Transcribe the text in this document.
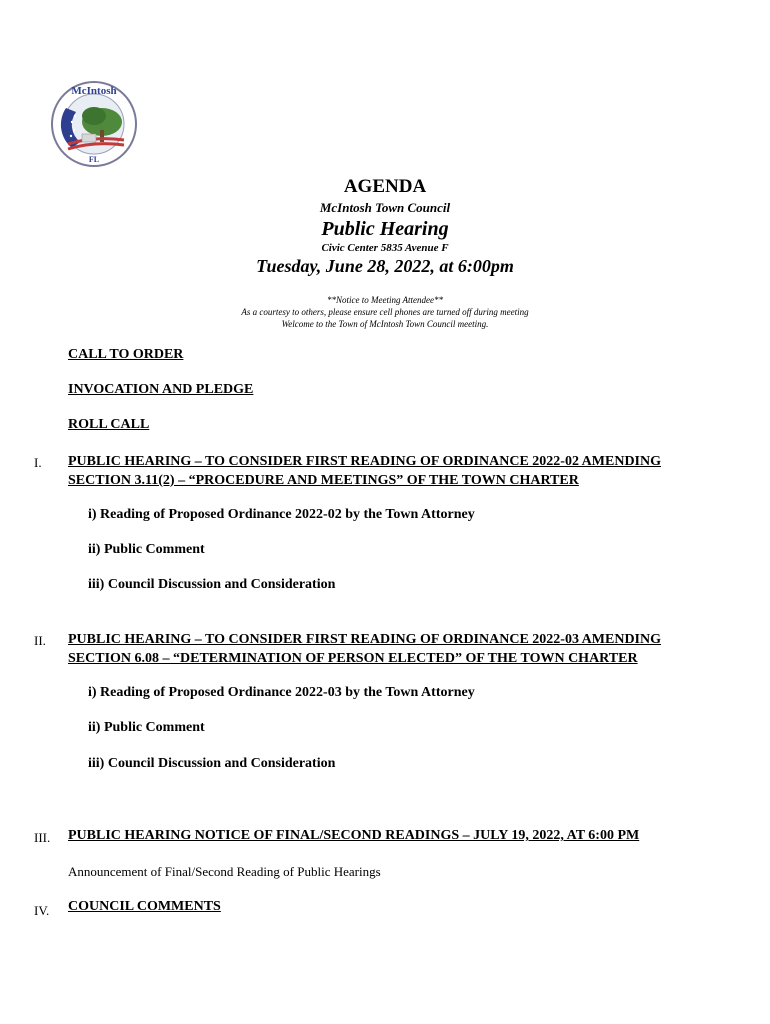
McIntosh
FL
AGENDA
McIntosh Town Council
Public Hearing
Civic Center 5835 Avenue F
Tuesday, June 28, 2022, at 6:00pm
**Notice to Meeting Attendee**
As a courtesy to others, please ensure cell phones are turned off during meeting
Welcome to the Town of McIntosh Town Council meeting.
CALL TO ORDER
INVOCATION AND PLEDGE
ROLL CALL
I. PUBLIC HEARING – TO CONSIDER FIRST READING OF ORDINANCE 2022-02 AMENDING
SECTION 3.11(2) – “PROCEDURE AND MEETINGS” OF THE TOWN CHARTER
i) Reading of Proposed Ordinance 2022-02 by the Town Attorney
ii) Public Comment
iii) Council Discussion and Consideration
II. PUBLIC HEARING – TO CONSIDER FIRST READING OF ORDINANCE 2022-03 AMENDING
SECTION 6.08 – “DETERMINATION OF PERSON ELECTED” OF THE TOWN CHARTER
i) Reading of Proposed Ordinance 2022-03 by the Town Attorney
ii) Public Comment
iii) Council Discussion and Consideration
III. PUBLIC HEARING NOTICE OF FINAL/SECOND READINGS – JULY 19, 2022, AT 6:00 PM
Announcement of Final/Second Reading of Public Hearings
IV. COUNCIL COMMENTS
